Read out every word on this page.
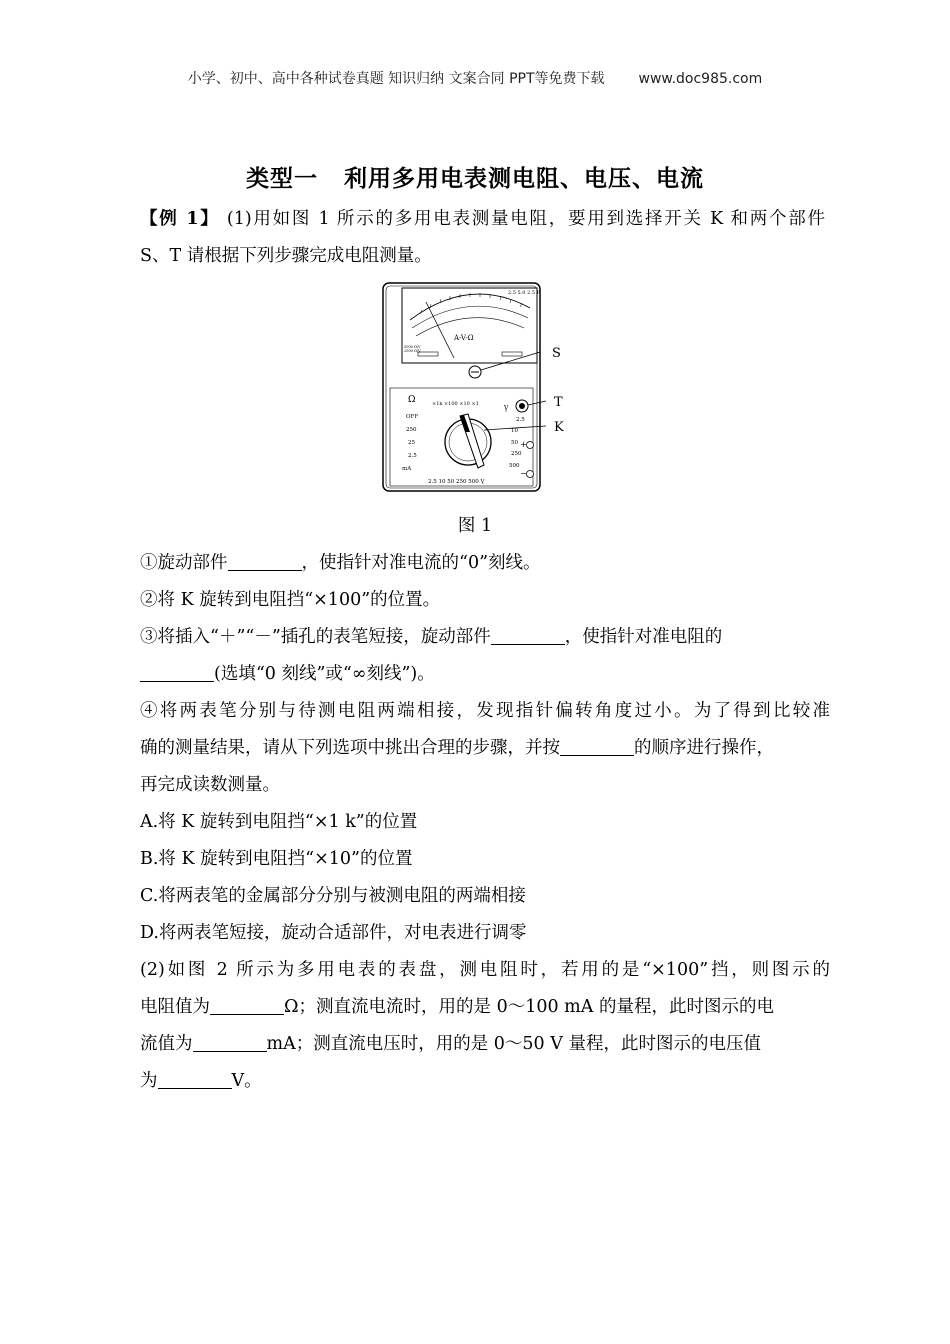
小学、初中、高中各种试卷真题 知识归纳 文案合同 PPT等免费下载 www.doc985.com
类型一 利用多用电表测电阻、电压、电流
【例 1】 (1)用如图 1 所示的多用电表测量电阻，要用到选择开关 K 和两个部件
S、T 请根据下列步骤完成电阻测量。
2.5 5.0 2.5 P
A-V-Ω
5000 Ω/V
2500 Ω/V̰	S
Ω	×1k ×100 ×10 ×1
V̰	T
K
OFF
250
25
2.5
mA
2.5
10
50
250
500
2.5 10 50 250 500 V̱
+
−
图 1

①旋动部件	，使指针对准电流的“0”刻线。

②将 K 旋转到电阻挡“×100”的位置。

③将插入“＋”“－”插孔的表笔短接，旋动部件	，使指针对准电阻的

(选填“0 刻线”或“∞刻线”)。

④将两表笔分别与待测电阻两端相接，发现指针偏转角度过小。为了得到比较准

确的测量结果，请从下列选项中挑出合理的步骤，并按	的顺序进行操作，

再完成读数测量。

A.将 K 旋转到电阻挡“×1 k”的位置

B.将 K 旋转到电阻挡“×10”的位置

C.将两表笔的金属部分分别与被测电阻的两端相接

D.将两表笔短接，旋动合适部件，对电表进行调零

(2)如图 2 所示为多用电表的表盘，测电阻时，若用的是“×100”挡，则图示的

电阻值为	Ω；测直流电流时，用的是 0～100 mA 的量程，此时图示的电

流值为	mA；测直流电压时，用的是 0～50 V 量程，此时图示的电压值

为	V。
